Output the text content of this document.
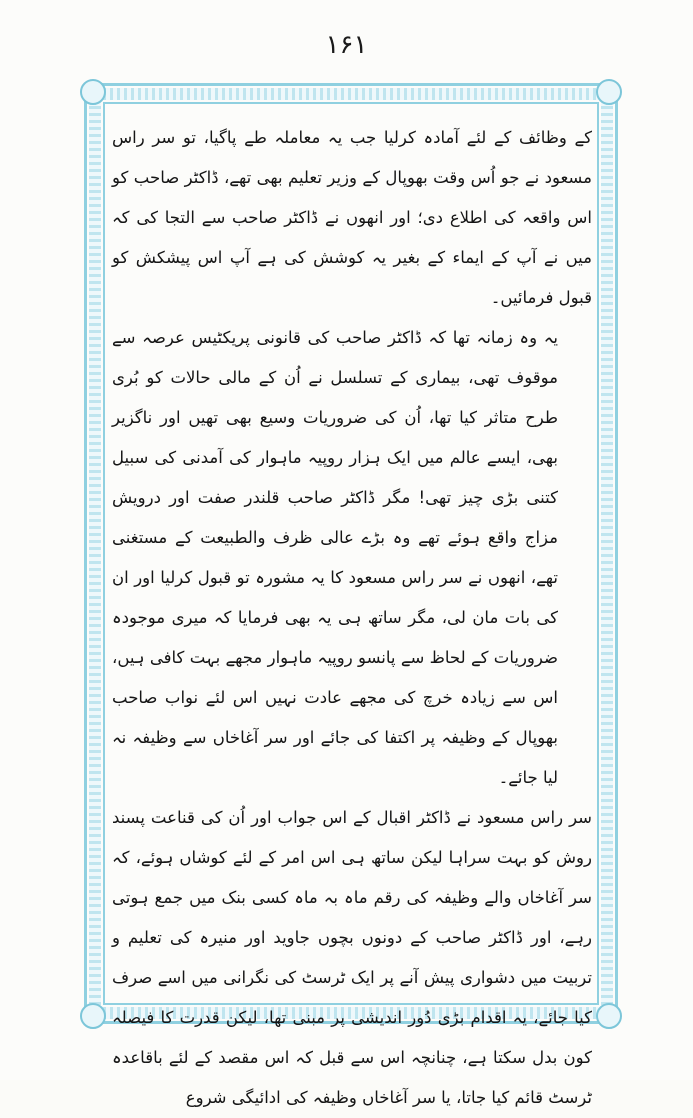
۱۶۱

کے وظائف کے لئے آمادہ کرلیا جب یہ معاملہ طے پاگیا، تو سر راس مسعود نے جو اُس وقت بھوپال کے وزیر تعلیم بھی تھے، ڈاکٹر صاحب کو اس واقعہ کی اطلاع دی؛ اور انھوں نے ڈاکٹر صاحب سے التجا کی کہ میں نے آپ کے ایماء کے بغیر یہ کوشش کی ہے آپ اس پیشکش کو قبول فرمائیں۔

یہ وہ زمانہ تھا کہ ڈاکٹر صاحب کی قانونی پریکٹیس عرصہ سے موقوف تھی، بیماری کے تسلسل نے اُن کے مالی حالات کو بُری طرح متاثر کیا تھا، اُن کی ضروریات وسیع بھی تھیں اور ناگزیر بھی، ایسے عالم میں ایک ہزار روپیہ ماہوار کی آمدنی کی سبیل کتنی بڑی چیز تھی! مگر ڈاکٹر صاحب قلندر صفت اور درویش مزاج واقع ہوئے تھے وہ بڑے عالی ظرف والطبیعت کے مستغنی تھے، انھوں نے سر راس مسعود کا یہ مشورہ تو قبول کرلیا اور ان کی بات مان لی، مگر ساتھ ہی یہ بھی فرمایا کہ میری موجودہ ضروریات کے لحاظ سے پانسو روپیہ ماہوار مجھے بہت کافی ہیں، اس سے زیادہ خرچ کی مجھے عادت نہیں اس لئے نواب صاحب بھوپال کے وظیفہ پر اکتفا کی جائے اور سر آغاخاں سے وظیفہ نہ لیا جائے۔

سر راس مسعود نے ڈاکٹر اقبال کے اس جواب اور اُن کی قناعت پسند روش کو بہت سراہا لیکن ساتھ ہی اس امر کے لئے کوشاں ہوئے، کہ سر آغاخاں والے وظیفہ کی رقم ماہ بہ ماہ کسی بنک میں جمع ہوتی رہے، اور ڈاکٹر صاحب کے دونوں بچوں جاوید اور منیرہ کی تعلیم و تربیت میں دشواری پیش آنے پر ایک ٹرسٹ کی نگرانی میں اسے صرف کیا جائے، یہ اقدام بڑی دُور اندیشی پر مبنی تھا، لیکن قدرت کا فیصلہ کون بدل سکتا ہے، چنانچہ اس سے قبل کہ اس مقصد کے لئے باقاعدہ ٹرسٹ قائم کیا جاتا، یا سر آغاخاں وظیفہ کی ادائیگی شروع
